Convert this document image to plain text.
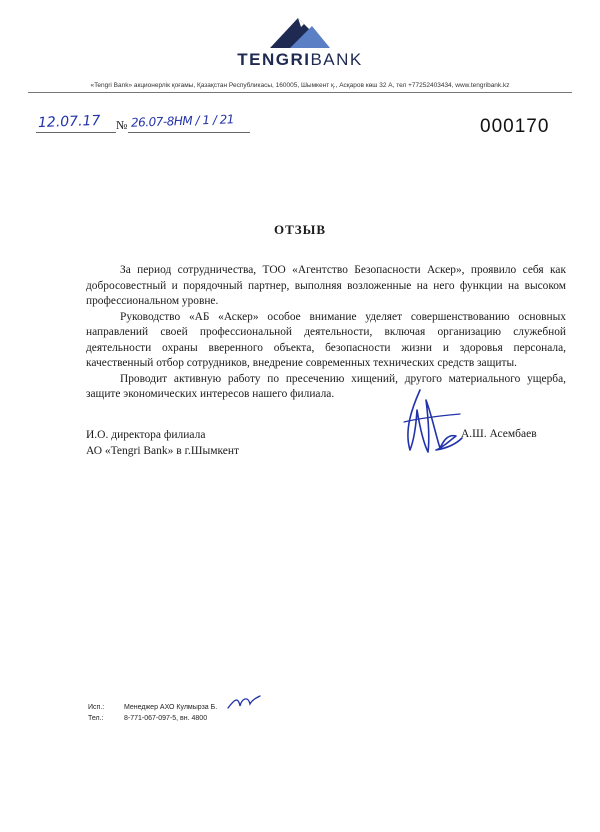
TENGRIBANK
«Tengri Bank» акционерлік қоғамы, Қазақстан Республикасы, 160005, Шымкент қ., Асқаров көш 32 А, тел +77252403434, www.tengribank.kz
12.07.17 № 26.07-8НМ / 1 / 21	000170
ОТЗЫВ

За период сотрудничества, ТОО «Агентство Безопасности Аскер», проявило себя как добросовестный и порядочный партнер, выполняя возложенные на него функции на высоком профессиональном уровне.

Руководство «АБ «Аскер» особое внимание уделяет совершенствованию основных направлений своей профессиональной деятельности, включая организацию служебной деятельности охраны вверенного объекта, безопасности жизни и здоровья персонала, качественный отбор сотрудников, внедрение современных технических средств защиты.

Проводит активную работу по пресечению хищений, другого материального ущерба, защите экономических интересов нашего филиала.

И.О. директора филиала
АО «Tengri Bank» в г.Шымкент
А.Ш. Асембаев
Исп.:	Менеджер АХО Кулмырза Б.
Тел.:	8-771-067-097-5, вн. 4800
